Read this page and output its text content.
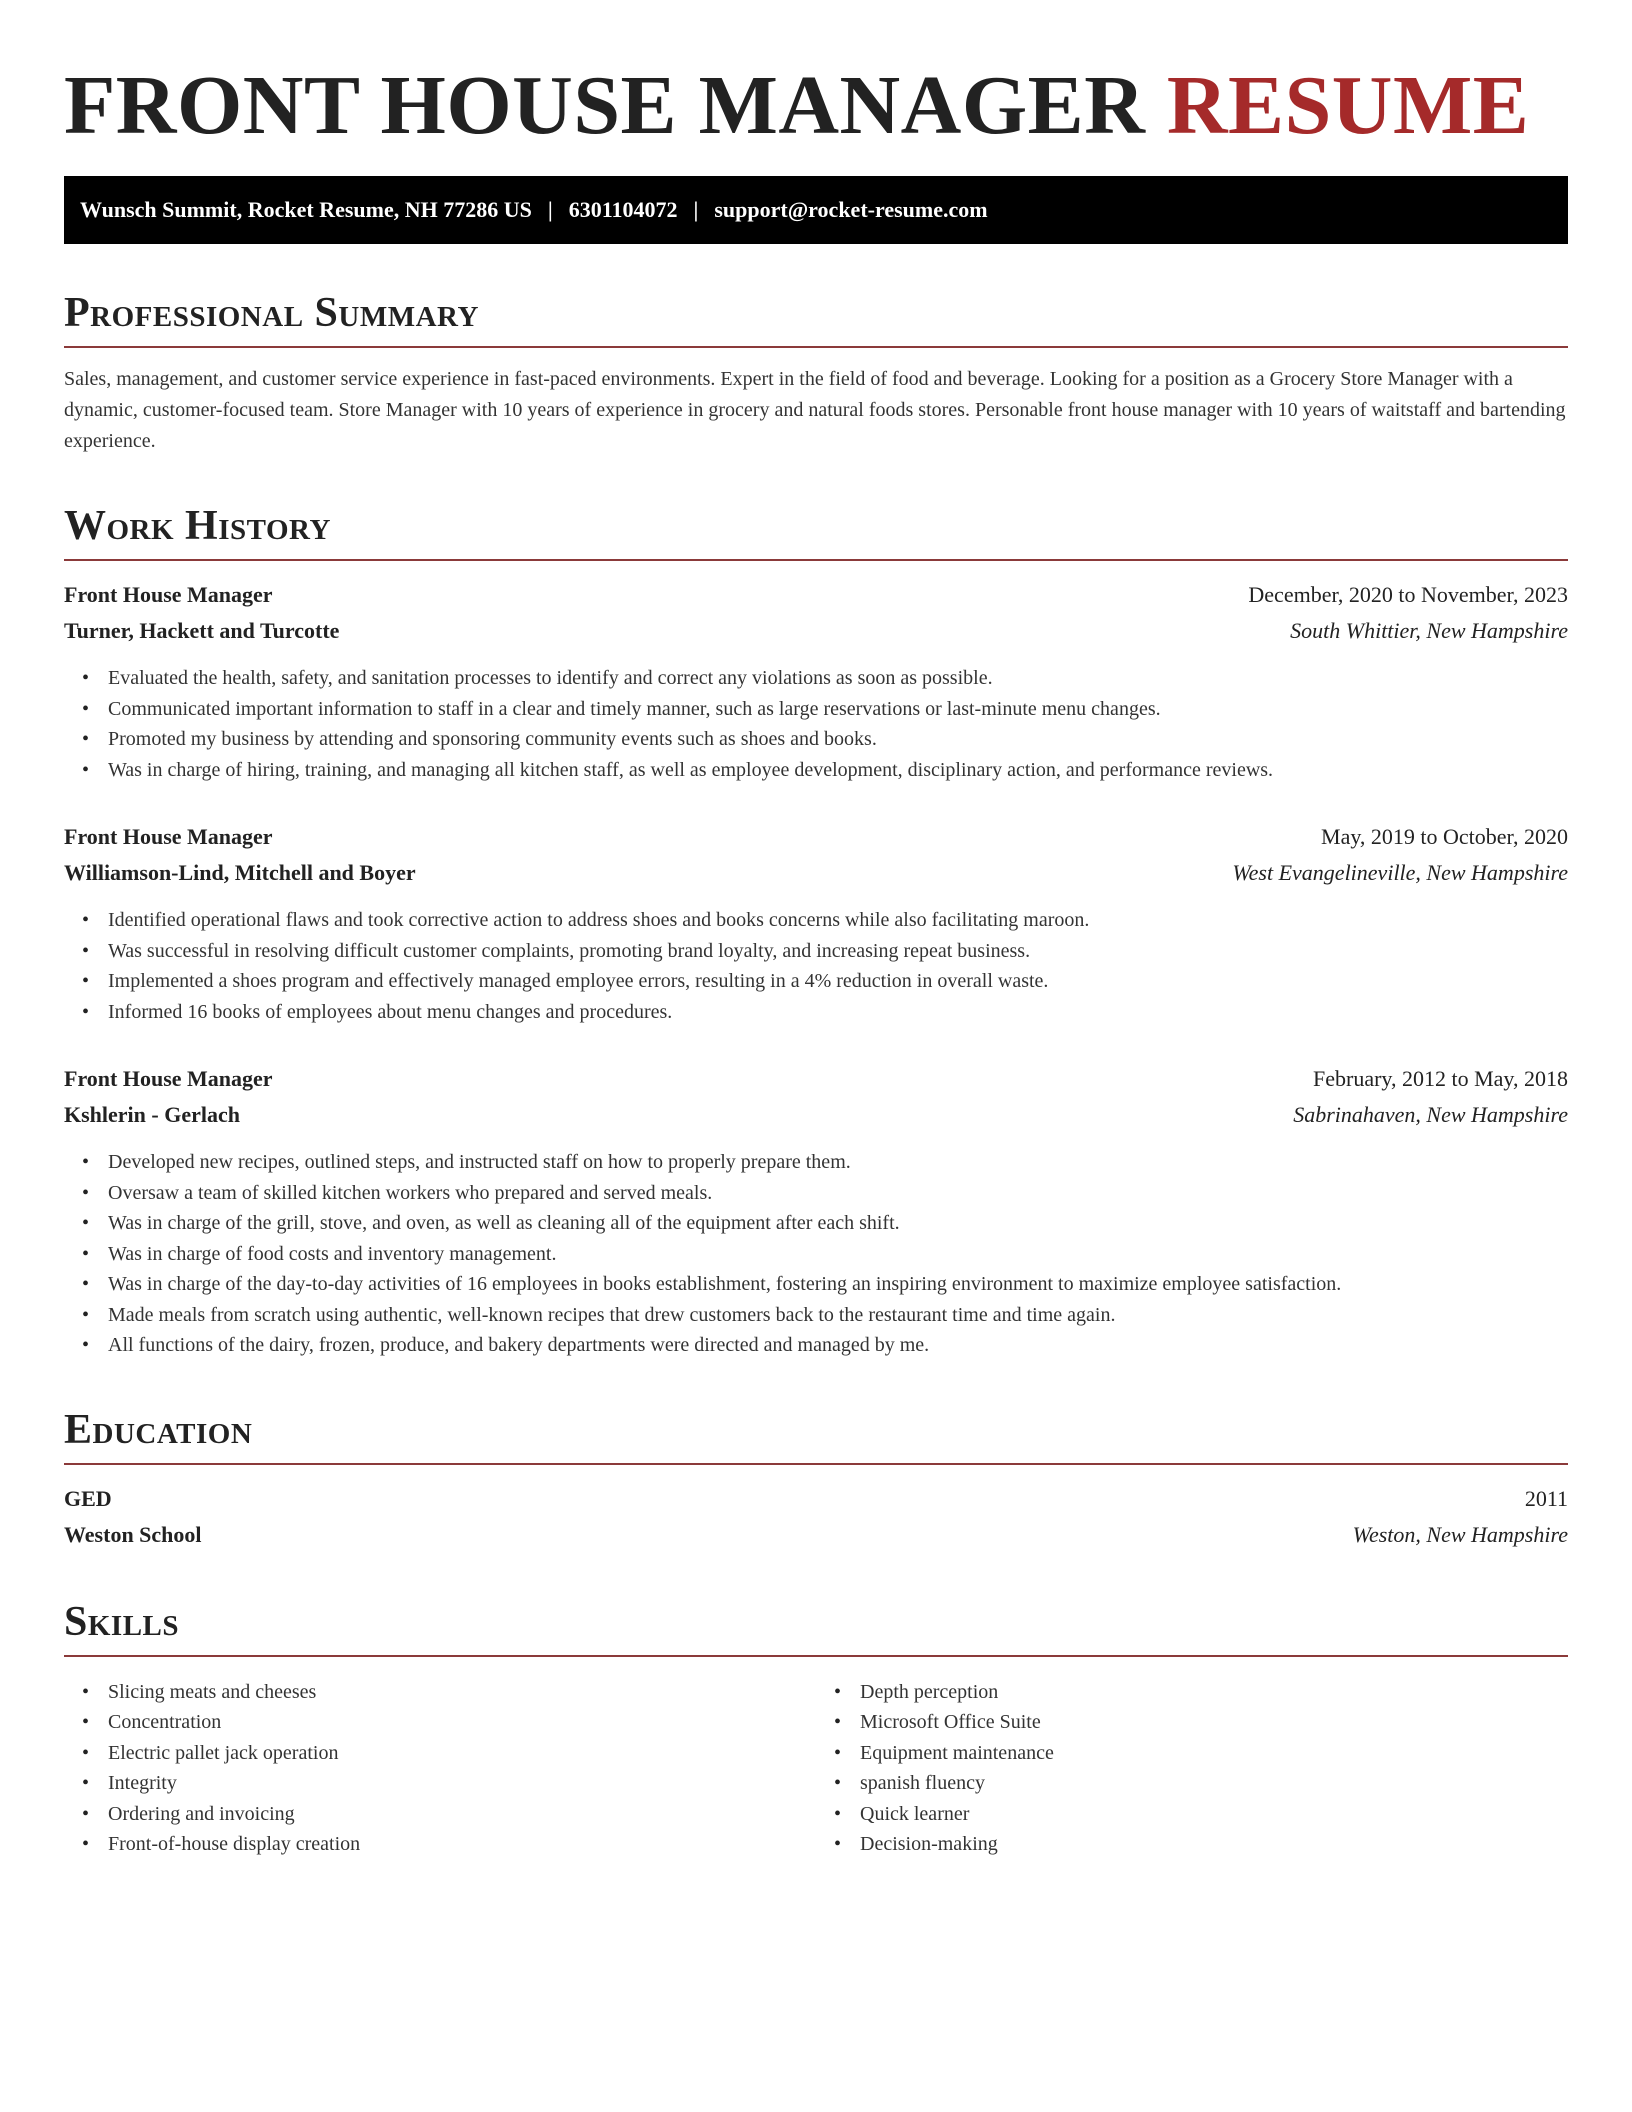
FRONT HOUSE MANAGER RESUME
Wunsch Summit, Rocket Resume, NH 77286 US | 6301104072 | support@rocket-resume.com
Professional Summary

Sales, management, and customer service experience in fast-paced environments. Expert in the field of food and beverage. Looking for a position as a Grocery Store Manager with a dynamic, customer-focused team. Store Manager with 10 years of experience in grocery and natural foods stores. Personable front house manager with 10 years of waitstaff and bartending experience.

Work History
Front House Manager	December, 2020 to November, 2023
Turner, Hackett and Turcotte	South Whittier, New Hampshire
• Evaluated the health, safety, and sanitation processes to identify and correct any violations as soon as possible.
• Communicated important information to staff in a clear and timely manner, such as large reservations or last-minute menu changes.
• Promoted my business by attending and sponsoring community events such as shoes and books.
• Was in charge of hiring, training, and managing all kitchen staff, as well as employee development, disciplinary action, and performance reviews.
Front House Manager	May, 2019 to October, 2020
Williamson-Lind, Mitchell and Boyer	West Evangelineville, New Hampshire
• Identified operational flaws and took corrective action to address shoes and books concerns while also facilitating maroon.
• Was successful in resolving difficult customer complaints, promoting brand loyalty, and increasing repeat business.
• Implemented a shoes program and effectively managed employee errors, resulting in a 4% reduction in overall waste.
• Informed 16 books of employees about menu changes and procedures.
Front House Manager	February, 2012 to May, 2018
Kshlerin - Gerlach	Sabrinahaven, New Hampshire
• Developed new recipes, outlined steps, and instructed staff on how to properly prepare them.
• Oversaw a team of skilled kitchen workers who prepared and served meals.
• Was in charge of the grill, stove, and oven, as well as cleaning all of the equipment after each shift.
• Was in charge of food costs and inventory management.
• Was in charge of the day-to-day activities of 16 employees in books establishment, fostering an inspiring environment to maximize employee satisfaction.
• Made meals from scratch using authentic, well-known recipes that drew customers back to the restaurant time and time again.
• All functions of the dairy, frozen, produce, and bakery departments were directed and managed by me.
Education
GED	2011
Weston School	Weston, New Hampshire
Skills
• Slicing meats and cheeses
• Concentration
• Electric pallet jack operation
• Integrity
• Ordering and invoicing
• Front-of-house display creation
• Depth perception
• Microsoft Office Suite
• Equipment maintenance
• spanish fluency
• Quick learner
• Decision-making
